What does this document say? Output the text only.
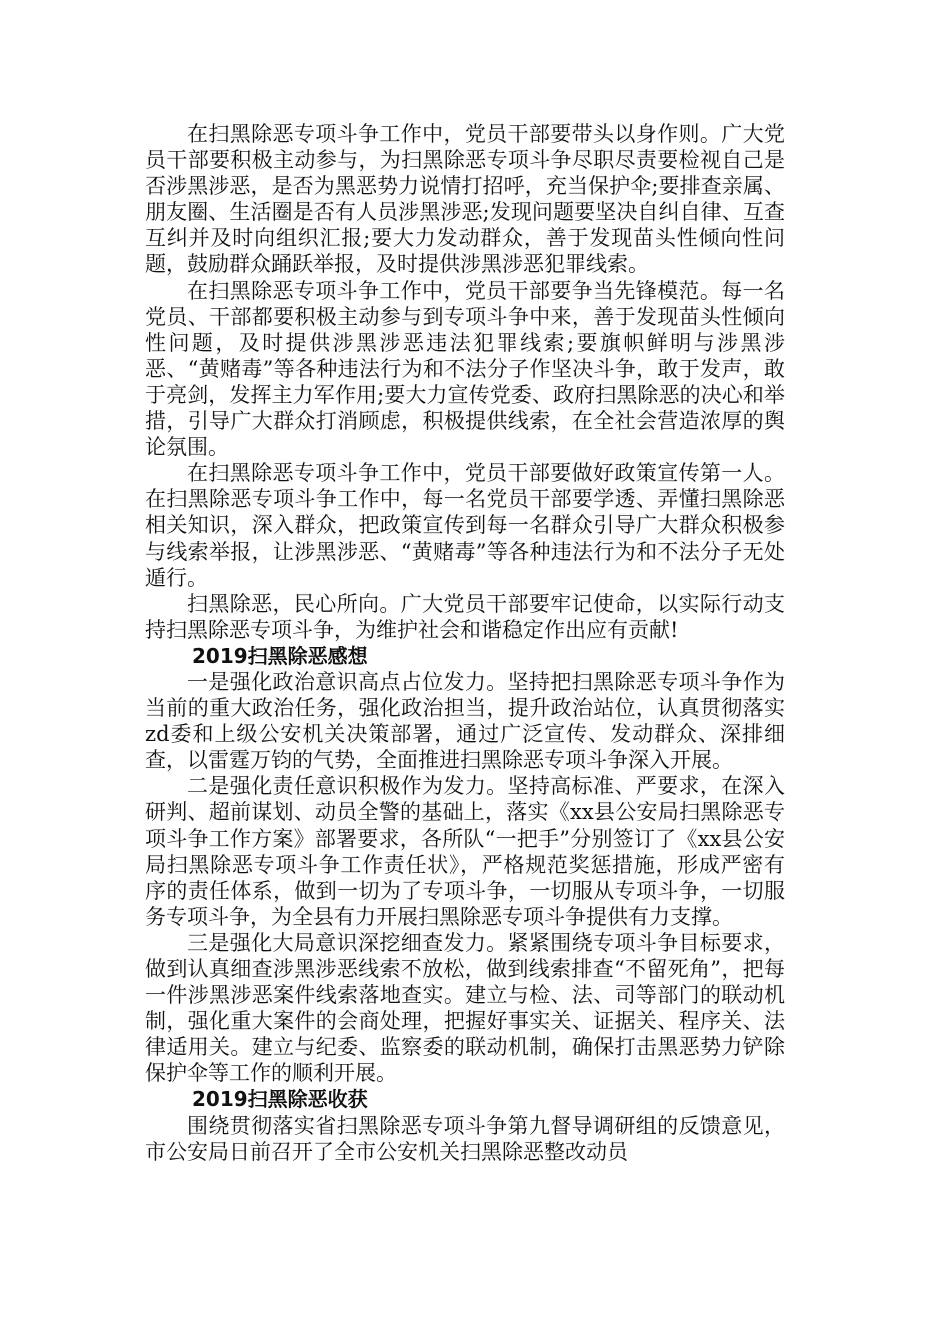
在扫黑除恶专项斗争工作中，党员干部要带头以身作则。广大党员干部要积极主动参与，为扫黑除恶专项斗争尽职尽责要检视自己是否涉黑涉恶，是否为黑恶势力说情打招呼，充当保护伞;要排查亲属、朋友圈、生活圈是否有人员涉黑涉恶;发现问题要坚决自纠自律、互查互纠并及时向组织汇报;要大力发动群众，善于发现苗头性倾向性问题，鼓励群众踊跃举报，及时提供涉黑涉恶犯罪线索。

在扫黑除恶专项斗争工作中，党员干部要争当先锋模范。每一名党员、干部都要积极主动参与到专项斗争中来，善于发现苗头性倾向性问题，及时提供涉黑涉恶违法犯罪线索;要旗帜鲜明与涉黑涉恶、“黄赌毒”等各种违法行为和不法分子作坚决斗争，敢于发声，敢于亮剑，发挥主力军作用;要大力宣传党委、政府扫黑除恶的决心和举措，引导广大群众打消顾虑，积极提供线索，在全社会营造浓厚的舆论氛围。

在扫黑除恶专项斗争工作中，党员干部要做好政策宣传第一人。在扫黑除恶专项斗争工作中，每一名党员干部要学透、弄懂扫黑除恶相关知识，深入群众，把政策宣传到每一名群众引导广大群众积极参与线索举报，让涉黑涉恶、“黄赌毒”等各种违法行为和不法分子无处遁行。

扫黑除恶，民心所向。广大党员干部要牢记使命，以实际行动支持扫黑除恶专项斗争，为维护社会和谐稳定作出应有贡献!

2019扫黑除恶感想

一是强化政治意识高点占位发力。坚持把扫黑除恶专项斗争作为当前的重大政治任务，强化政治担当，提升政治站位，认真贯彻落实zd委和上级公安机关决策部署，通过广泛宣传、发动群众、深排细查，以雷霆万钧的气势，全面推进扫黑除恶专项斗争深入开展。

二是强化责任意识积极作为发力。坚持高标准、严要求，在深入研判、超前谋划、动员全警的基础上，落实《xx县公安局扫黑除恶专项斗争工作方案》部署要求，各所队“一把手”分别签订了《xx县公安局扫黑除恶专项斗争工作责任状》，严格规范奖惩措施，形成严密有序的责任体系，做到一切为了专项斗争，一切服从专项斗争，一切服务专项斗争，为全县有力开展扫黑除恶专项斗争提供有力支撑。

三是强化大局意识深挖细查发力。紧紧围绕专项斗争目标要求，做到认真细查涉黑涉恶线索不放松，做到线索排查“不留死角”，把每一件涉黑涉恶案件线索落地查实。建立与检、法、司等部门的联动机制，强化重大案件的会商处理，把握好事实关、证据关、程序关、法律适用关。建立与纪委、监察委的联动机制，确保打击黑恶势力铲除保护伞等工作的顺利开展。

2019扫黑除恶收获

围绕贯彻落实省扫黑除恶专项斗争第九督导调研组的反馈意见，市公安局日前召开了全市公安机关扫黑除恶整改动员
